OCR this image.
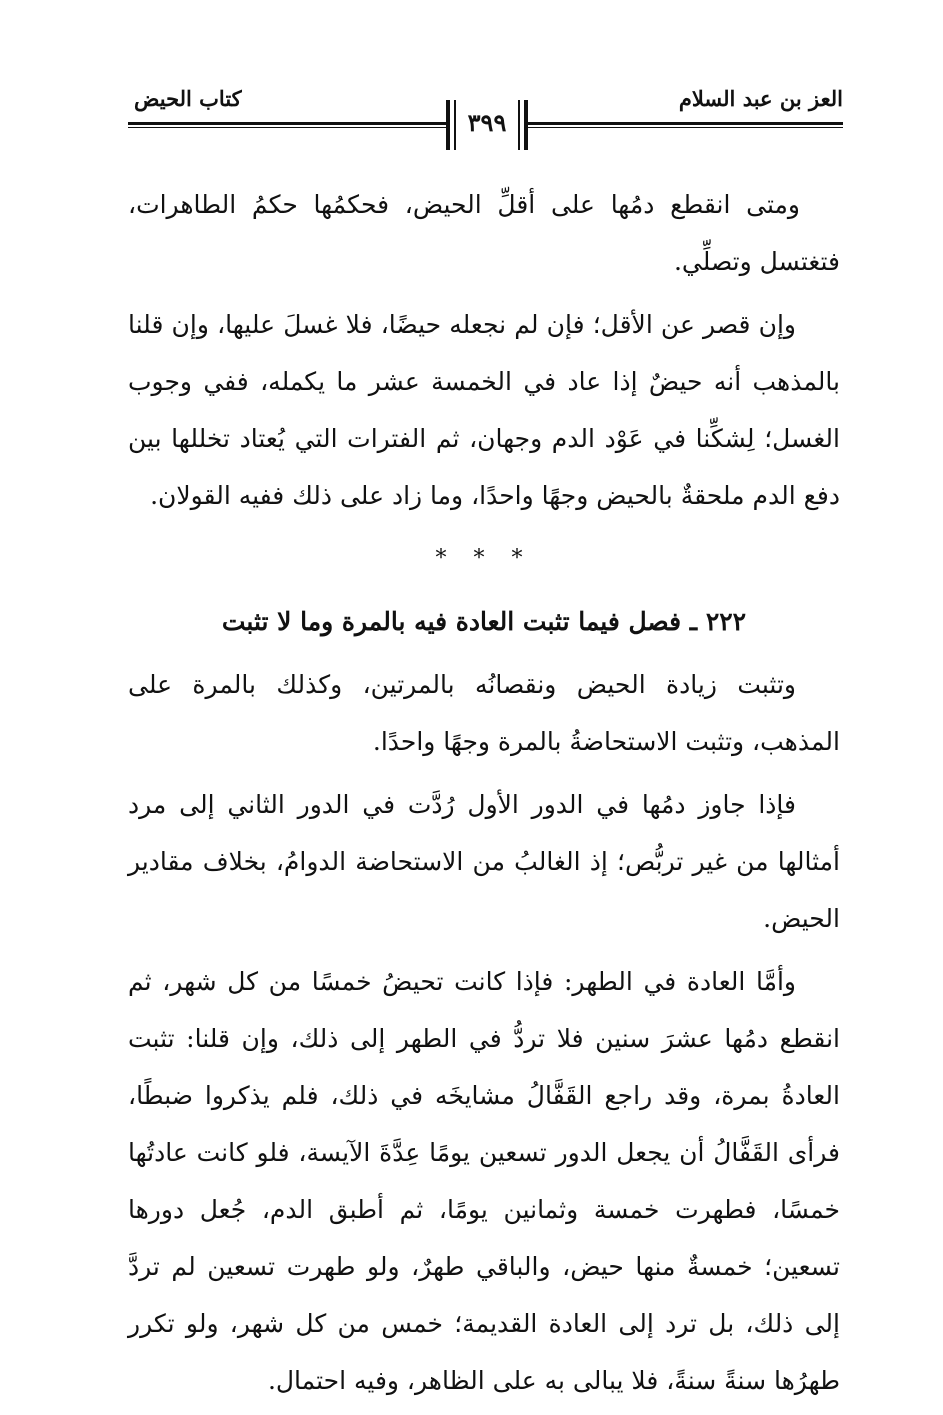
العز بن عبد السلام
٣٩٩
كتاب الحيض

ومتى انقطع دمُها على أقلِّ الحيض، فحكمُها حكمُ الطاهرات، فتغتسل وتصلِّي.

وإن قصر عن الأقل؛ فإن لم نجعله حيضًا، فلا غسلَ عليها، وإن قلنا بالمذهب أنه حيضٌ إذا عاد في الخمسة عشر ما يكمله، ففي وجوب الغسل؛ لِشكِّنا في عَوْد الدم وجهان، ثم الفترات التي يُعتاد تخللها بين دفع الدم ملحقةٌ بالحيض وجهًا واحدًا، وما زاد على ذلك ففيه القولان.

* * *

٢٢٢ ـ فصل فيما تثبت العادة فيه بالمرة وما لا تثبت

وتثبت زيادة الحيض ونقصانُه بالمرتين، وكذلك بالمرة على المذهب، وتثبت الاستحاضةُ بالمرة وجهًا واحدًا.

فإذا جاوز دمُها في الدور الأول رُدَّت في الدور الثاني إلى مرد أمثالها من غير تربُّص؛ إذ الغالبُ من الاستحاضة الدوامُ، بخلاف مقادير الحيض.

وأمَّا العادة في الطهر: فإذا كانت تحيضُ خمسًا من كل شهر، ثم انقطع دمُها عشرَ سنين فلا تردُّ في الطهر إلى ذلك، وإن قلنا: تثبت العادةُ بمرة، وقد راجع القَفَّالُ مشايخَه في ذلك، فلم يذكروا ضبطًا، فرأى القَفَّالُ أن يجعل الدور تسعين يومًا عِدَّةَ الآيسة، فلو كانت عادتُها خمسًا، فطهرت خمسة وثمانين يومًا، ثم أطبق الدم، جُعل دورها تسعين؛ خمسةٌ منها حيض، والباقي طهرٌ، ولو طهرت تسعين لم تردَّ إلى ذلك، بل ترد إلى العادة القديمة؛ خمس من كل شهر، ولو تكرر طهرُها سنةً سنةً، فلا يبالى به على الظاهر، وفيه احتمال.
